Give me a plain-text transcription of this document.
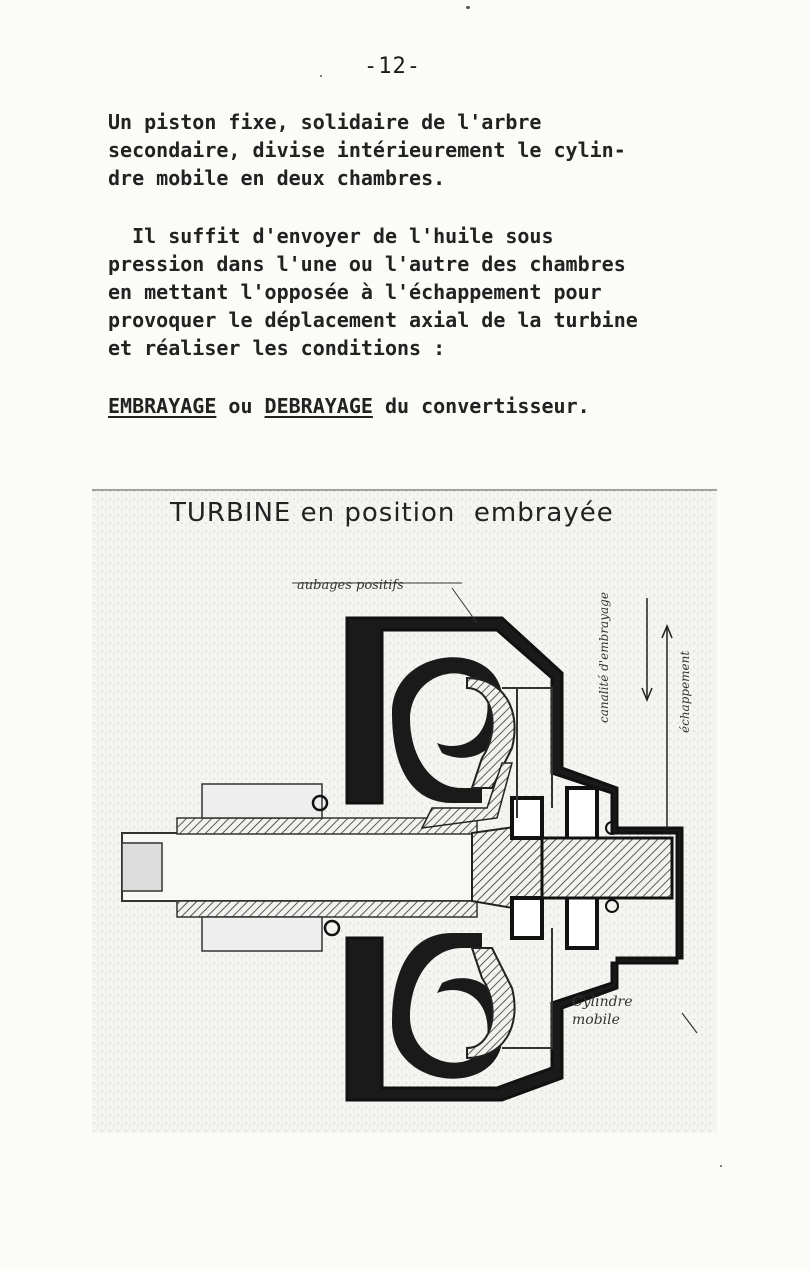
-12-
Un piston fixe, solidaire de l'arbre
secondaire, divise intérieurement le cylin-
dre mobile en deux chambres.
Il suffit d'envoyer de l'huile sous
pression dans l'une ou l'autre des chambres
en mettant l'opposée à l'échappement pour
provoquer le déplacement axial de la turbine
et réaliser les conditions :
EMBRAYAGE ou DEBRAYAGE du convertisseur.
TURBINE en position  embrayée
aubages positifs
canalité d'embrayage	échappement
Cylindre mobile
